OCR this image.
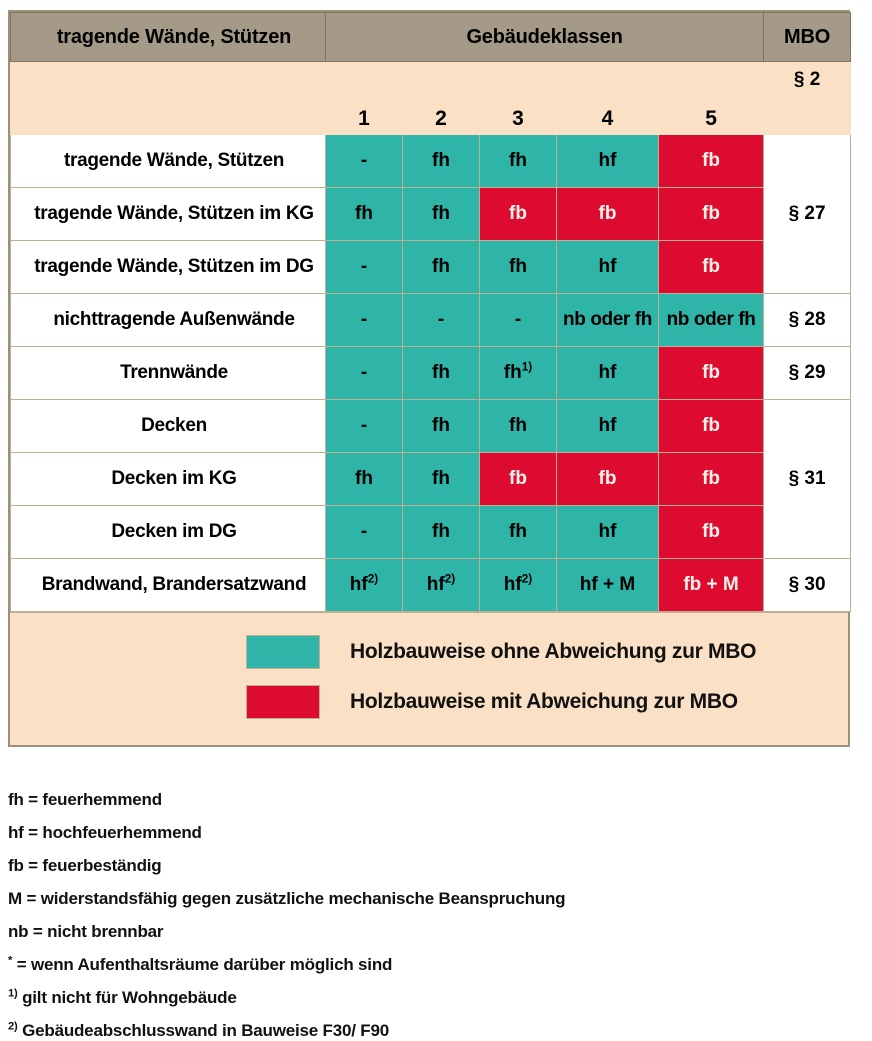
tragende Wände, Stützen	Gebäudeklassen					MBO
	1	2	3	4	5	§ 2
tragende Wände, Stützen	-	fh	fh	hf	fb	§ 27
tragende Wände, Stützen im KG	fh	fh	fb	fb	fb	
tragende Wände, Stützen im DG	-	fh	fh	hf	fb	
nichttragende Außenwände	-	-	-	nb oder fh	nb oder fh	§ 28
Trennwände	-	fh	fh$^{1)}$	hf	fb	§ 29
Decken	-	fh	fh	hf	fb	§ 31
Decken im KG	fh	fh	fb	fb	fb	
Decken im DG	-	fh	fh	hf	fb	
Brandwand, Brandersatzwand	hf$^{2)}$	hf$^{2)}$	hf$^{2)}$	hf + M	fb + M	§ 30
Holzbauweise ohne Abweichung zur MBO
Holzbauweise mit Abweichung zur MBO
fh = feuerhemmend
hf = hochfeuerhemmend
fb = feuerbeständig
M = widerstandsfähig gegen zusätzliche mechanische Beanspruchung
nb = nicht brennbar
* = wenn Aufenthaltsräume darüber möglich sind
$^{1)}$ gilt nicht für Wohngebäude
$^{2)}$ Gebäudeabschlusswand in Bauweise F30/ F90
